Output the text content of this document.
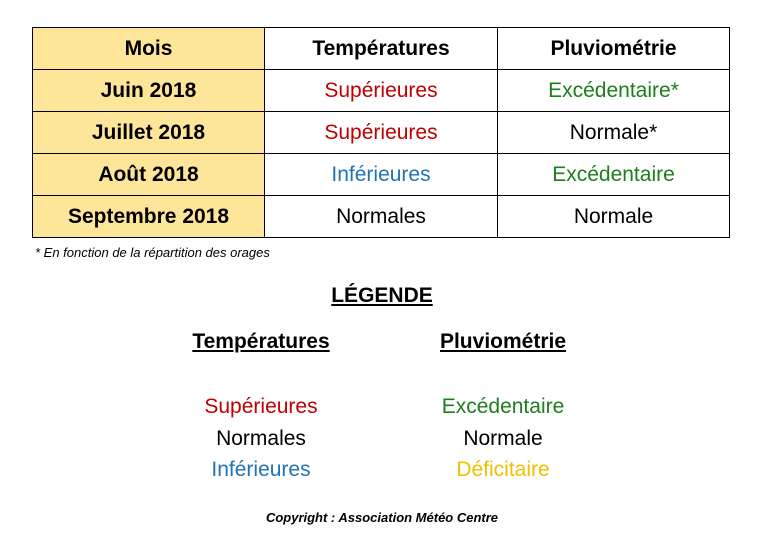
Mois	Températures	Pluviométrie
Juin 2018	Supérieures	Excédentaire*
Juillet 2018	Supérieures	Normale*
Août 2018	Inférieures	Excédentaire
Septembre 2018	Normales	Normale
* En fonction de la répartition des orages
LÉGENDE
Températures
Supérieures
Normales
Inférieures
Pluviométrie
Excédentaire
Normale
Déficitaire
Copyright : Association Météo Centre
